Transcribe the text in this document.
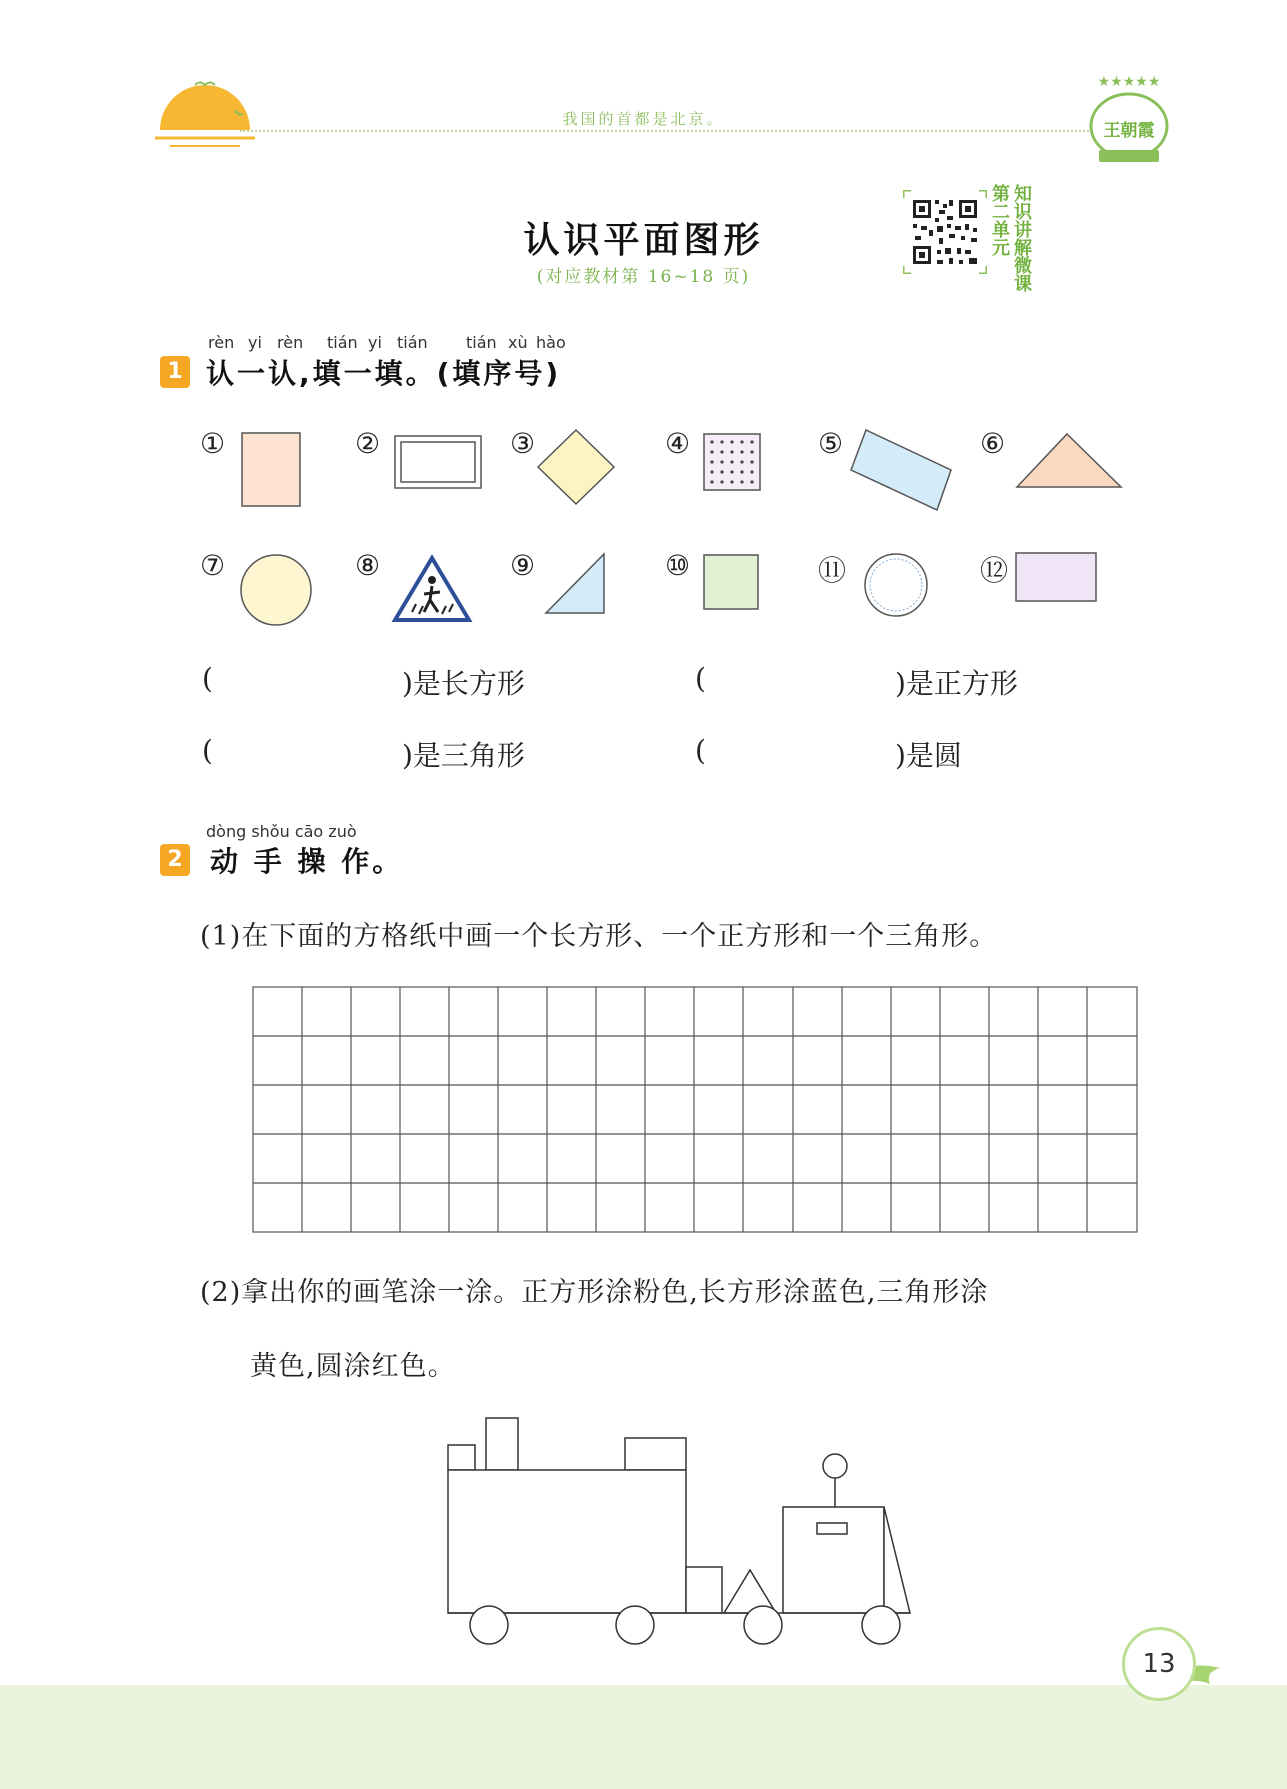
我国的首都是北京。
★★★★★
王朝霞
认识平面图形
(对应教材第 16~18 页)
第二单元
知识讲解微课
rèn yi rèn tián yi tián tián xù hào
1 认一认,填一填。(填序号)
①	②	③	④	⑤	⑥
⑦	⑧	⑨	⑩	⑪	⑫
(	)是长方形	(	)是正方形
(	)是三角形	(	)是圆
dòng shǒu cāo zuò
2 动 手 操 作。
(1)在下面的方格纸中画一个长方形、一个正方形和一个三角形。
(2)拿出你的画笔涂一涂。正方形涂粉色,长方形涂蓝色,三角形涂
黄色,圆涂红色。
13
